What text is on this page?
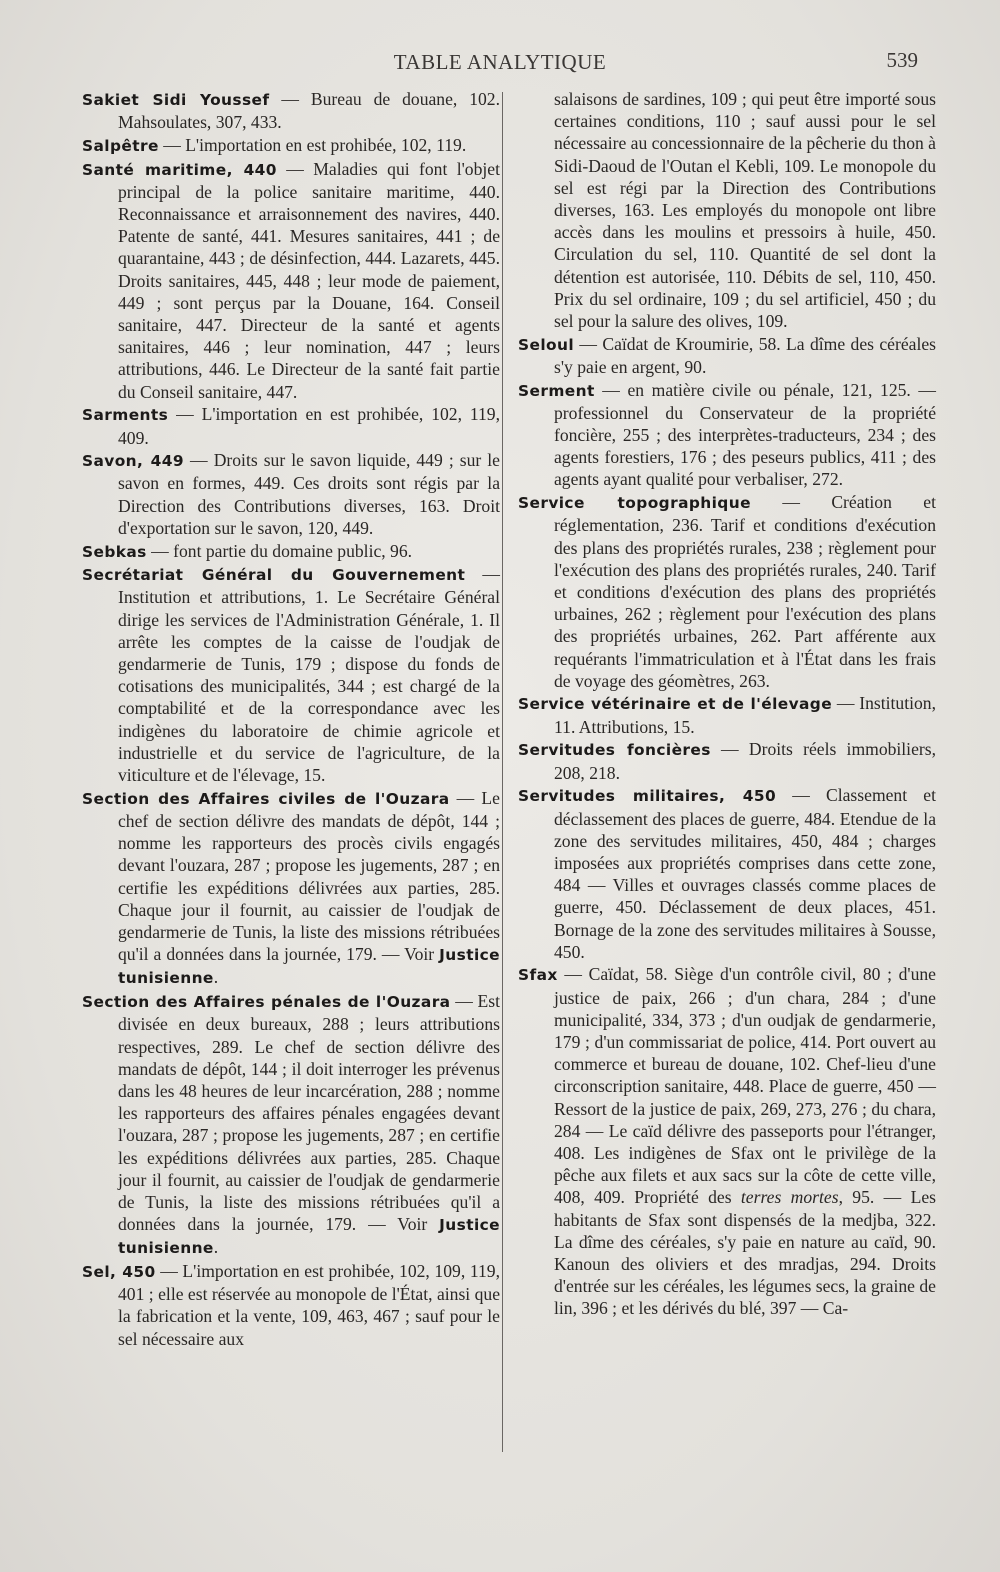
TABLE ANALYTIQUE	539

Sakiet Sidi Youssef — Bureau de douane, 102. Mahsoulates, 307, 433.

Salpêtre — L'importation en est prohibée, 102, 119.

Santé maritime, 440 — Maladies qui font l'objet principal de la police sanitaire maritime, 440. Reconnaissance et arraisonnement des navires, 440. Patente de santé, 441. Mesures sanitaires, 441 ; de quarantaine, 443 ; de désinfection, 444. Lazarets, 445. Droits sanitaires, 445, 448 ; leur mode de paiement, 449 ; sont perçus par la Douane, 164. Conseil sanitaire, 447. Directeur de la santé et agents sanitaires, 446 ; leur nomination, 447 ; leurs attributions, 446. Le Directeur de la santé fait partie du Conseil sanitaire, 447.

Sarments — L'importation en est prohibée, 102, 119, 409.

Savon, 449 — Droits sur le savon liquide, 449 ; sur le savon en formes, 449. Ces droits sont régis par la Direction des Contributions diverses, 163. Droit d'exportation sur le savon, 120, 449.

Sebkas — font partie du domaine public, 96.

Secrétariat Général du Gouvernement — Institution et attributions, 1. Le Secrétaire Général dirige les services de l'Administration Générale, 1. Il arrête les comptes de la caisse de l'oudjak de gendarmerie de Tunis, 179 ; dispose du fonds de cotisations des municipalités, 344 ; est chargé de la comptabilité et de la correspondance avec les indigènes du laboratoire de chimie agricole et industrielle et du service de l'agriculture, de la viticulture et de l'élevage, 15.

Section des Affaires civiles de l'Ouzara — Le chef de section délivre des mandats de dépôt, 144 ; nomme les rapporteurs des procès civils engagés devant l'ouzara, 287 ; propose les jugements, 287 ; en certifie les expéditions délivrées aux parties, 285. Chaque jour il fournit, au caissier de l'oudjak de gendarmerie de Tunis, la liste des missions rétribuées qu'il a données dans la journée, 179. — Voir Justice tunisienne.

Section des Affaires pénales de l'Ouzara — Est divisée en deux bureaux, 288 ; leurs attributions respectives, 289. Le chef de section délivre des mandats de dépôt, 144 ; il doit interroger les prévenus dans les 48 heures de leur incarcération, 288 ; nomme les rapporteurs des affaires pénales engagées devant l'ouzara, 287 ; propose les jugements, 287 ; en certifie les expéditions délivrées aux parties, 285. Chaque jour il fournit, au caissier de l'oudjak de gendarmerie de Tunis, la liste des missions rétribuées qu'il a données dans la journée, 179. — Voir Justice tunisienne.

Sel, 450 — L'importation en est prohibée, 102, 109, 119, 401 ; elle est réservée au monopole de l'État, ainsi que la fabrication et la vente, 109, 463, 467 ; sauf pour le sel nécessaire aux

salaisons de sardines, 109 ; qui peut être importé sous certaines conditions, 110 ; sauf aussi pour le sel nécessaire au concessionnaire de la pêcherie du thon à Sidi-Daoud de l'Outan el Kebli, 109. Le monopole du sel est régi par la Direction des Contributions diverses, 163. Les employés du monopole ont libre accès dans les moulins et pressoirs à huile, 450. Circulation du sel, 110. Quantité de sel dont la détention est autorisée, 110. Débits de sel, 110, 450. Prix du sel ordinaire, 109 ; du sel artificiel, 450 ; du sel pour la salure des olives, 109.

Seloul — Caïdat de Kroumirie, 58. La dîme des céréales s'y paie en argent, 90.

Serment — en matière civile ou pénale, 121, 125. — professionnel du Conservateur de la propriété foncière, 255 ; des interprètes-traducteurs, 234 ; des agents forestiers, 176 ; des peseurs publics, 411 ; des agents ayant qualité pour verbaliser, 272.

Service topographique — Création et réglementation, 236. Tarif et conditions d'exécution des plans des propriétés rurales, 238 ; règlement pour l'exécution des plans des propriétés rurales, 240. Tarif et conditions d'exécution des plans des propriétés urbaines, 262 ; règlement pour l'exécution des plans des propriétés urbaines, 262. Part afférente aux requérants l'immatriculation et à l'État dans les frais de voyage des géomètres, 263.

Service vétérinaire et de l'élevage — Institution, 11. Attributions, 15.

Servitudes foncières — Droits réels immobiliers, 208, 218.

Servitudes militaires, 450 — Classement et déclassement des places de guerre, 484. Etendue de la zone des servitudes militaires, 450, 484 ; charges imposées aux propriétés comprises dans cette zone, 484 — Villes et ouvrages classés comme places de guerre, 450. Déclassement de deux places, 451. Bornage de la zone des servitudes militaires à Sousse, 450.

Sfax — Caïdat, 58. Siège d'un contrôle civil, 80 ; d'une justice de paix, 266 ; d'un chara, 284 ; d'une municipalité, 334, 373 ; d'un oudjak de gendarmerie, 179 ; d'un commissariat de police, 414. Port ouvert au commerce et bureau de douane, 102. Chef-lieu d'une circonscription sanitaire, 448. Place de guerre, 450 — Ressort de la justice de paix, 269, 273, 276 ; du chara, 284 — Le caïd délivre des passeports pour l'étranger, 408. Les indigènes de Sfax ont le privilège de la pêche aux filets et aux sacs sur la côte de cette ville, 408, 409. Propriété des terres mortes, 95. — Les habitants de Sfax sont dispensés de la medjba, 322. La dîme des céréales, s'y paie en nature au caïd, 90. Kanoun des oliviers et des mradjas, 294. Droits d'entrée sur les céréales, les légumes secs, la graine de lin, 396 ; et les dérivés du blé, 397 — Ca-
